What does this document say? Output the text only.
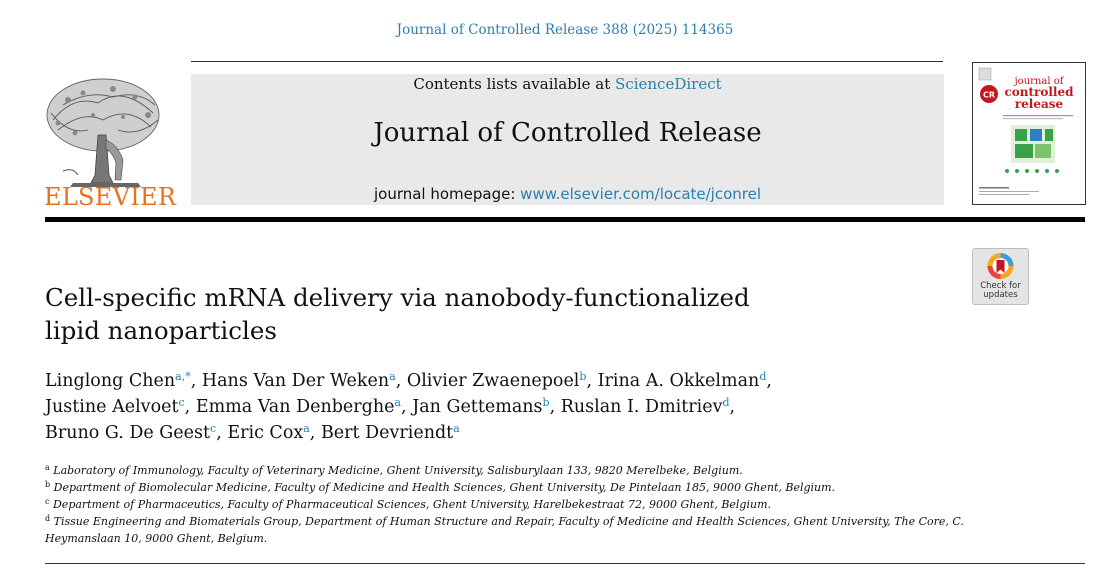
Journal of Controlled Release 388 (2025) 114365
ELSEVIER
Contents lists available at ScienceDirect
Journal of Controlled Release
journal homepage: www.elsevier.com/locate/jconrel
CR
journal of
controlled
release
Check for
updates
Cell-specific mRNA delivery via nanobody-functionalized
lipid nanoparticles
Linglong Chen$^{a,*}$, Hans Van Der Weken$^a$, Olivier Zwaenepoel$^b$, Irina A. Okkelman$^d$,
Justine Aelvoet$^c$, Emma Van Denberghe$^a$, Jan Gettemans$^b$, Ruslan I. Dmitriev$^d$,
Bruno G. De Geest$^c$, Eric Cox$^a$, Bert Devriendt$^a$
$^a$ Laboratory of Immunology, Faculty of Veterinary Medicine, Ghent University, Salisburylaan 133, 9820 Merelbeke, Belgium.
$^b$ Department of Biomolecular Medicine, Faculty of Medicine and Health Sciences, Ghent University, De Pintelaan 185, 9000 Ghent, Belgium.
$^c$ Department of Pharmaceutics, Faculty of Pharmaceutical Sciences, Ghent University, Harelbekestraat 72, 9000 Ghent, Belgium.
$^d$ Tissue Engineering and Biomaterials Group, Department of Human Structure and Repair, Faculty of Medicine and Health Sciences, Ghent University, The Core, C.
Heymanslaan 10, 9000 Ghent, Belgium.
